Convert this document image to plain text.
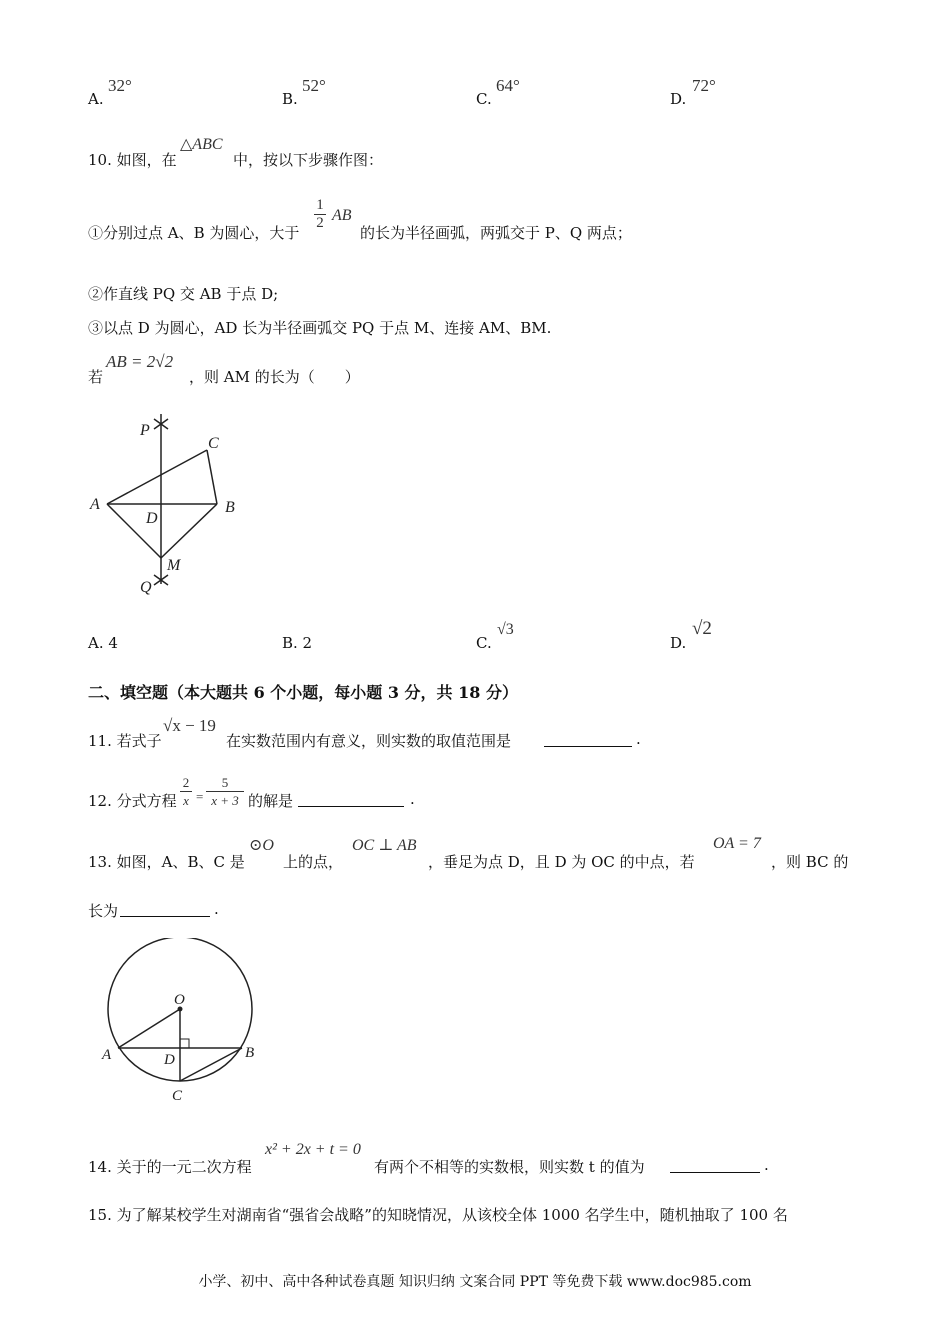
A.
32°
B.
52°
C.
64°
D.
72°
10. 如图，在
△ABC
中，按以下步骤作图：
①分别过点 A、B 为圆心，大于
1
2 AB
的长为半径画弧，两弧交于 P、Q 两点；
②作直线 PQ 交 AB 于点 D;
③以点 D 为圆心，AD 长为半径画弧交 PQ 于点 M、连接 AM、BM.
若
AB = 2√2
，则 AM 的长为（　　）
P
C
A
D
B
M
Q
A. 4	B. 2	C.
√3
D.
√2
二、填空题（本大题共 6 个小题，每小题 3 分，共 18 分）
11. 若式子
√x − 19
在实数范围内有意义，则实数的取值范围是	.
12. 分式方程
2
x =
5
x + 3 的解是	.
13. 如图，A、B、C 是
⊙O
上的点，
OC ⊥ AB
，垂足为点 D，且 D 为 OC 的中点，若
OA = 7
，则 BC 的
长为	.
O
A	D	B
C
14. 关于的一元二次方程
x² + 2x + t = 0
有两个不相等的实数根，则实数 t 的值为	.
15. 为了解某校学生对湖南省“强省会战略”的知晓情况，从该校全体 1000 名学生中，随机抽取了 100 名
小学、初中、高中各种试卷真题 知识归纳 文案合同 PPT 等免费下载 www.doc985.com
